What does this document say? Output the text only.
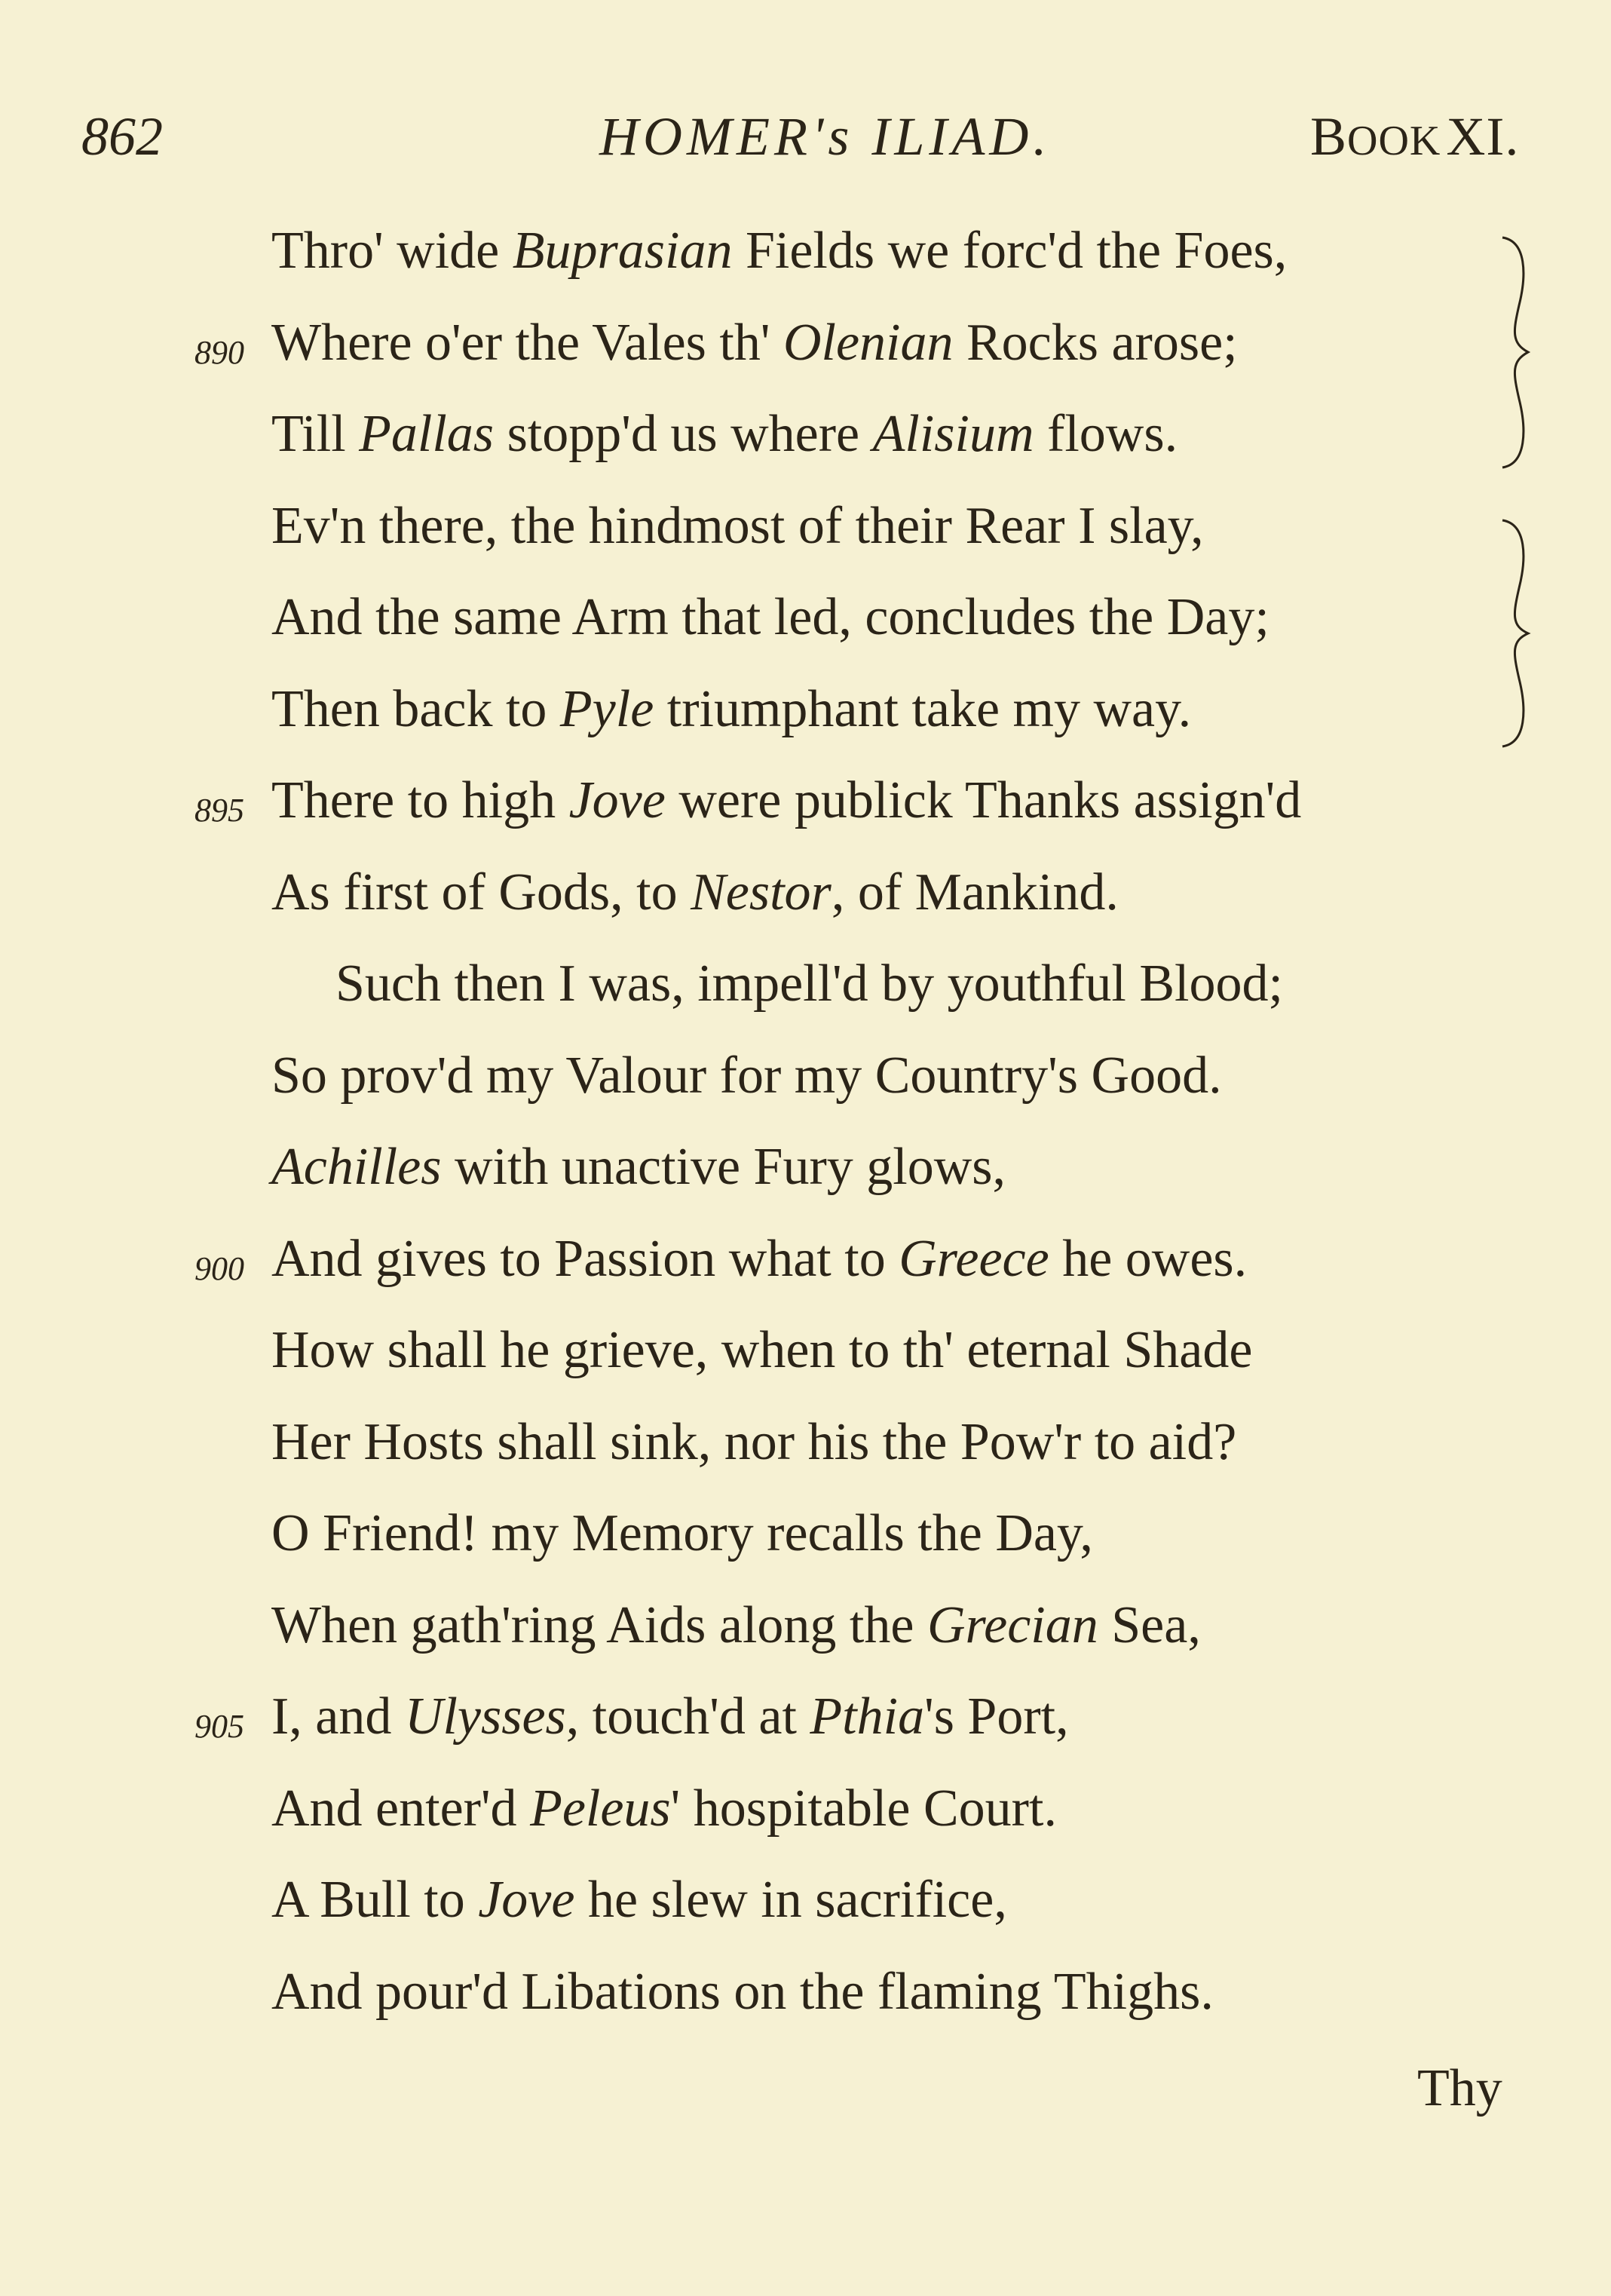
862	HOMER's ILIAD.	BOOK XI.
Thro' wide Buprasian Fields we forc'd the Foes,
890 Where o'er the Vales th' Olenian Rocks arose;
Till Pallas stopp'd us where Alisium flows.
Ev'n there, the hindmost of their Rear I slay,
And the same Arm that led, concludes the Day;
Then back to Pyle triumphant take my way.
895 There to high Jove were publick Thanks assign'd
As first of Gods, to Nestor, of Mankind.
Such then I was, impell'd by youthful Blood;
So prov'd my Valour for my Country's Good.
Achilles with unactive Fury glows,
900 And gives to Passion what to Greece he owes.
How shall he grieve, when to th' eternal Shade
Her Hosts shall sink, nor his the Pow'r to aid?
O Friend! my Memory recalls the Day,
When gath'ring Aids along the Grecian Sea,
905 I, and Ulysses, touch'd at Pthia's Port,
And enter'd Peleus' hospitable Court.
A Bull to Jove he slew in sacrifice,
And pour'd Libations on the flaming Thighs.
Thy
